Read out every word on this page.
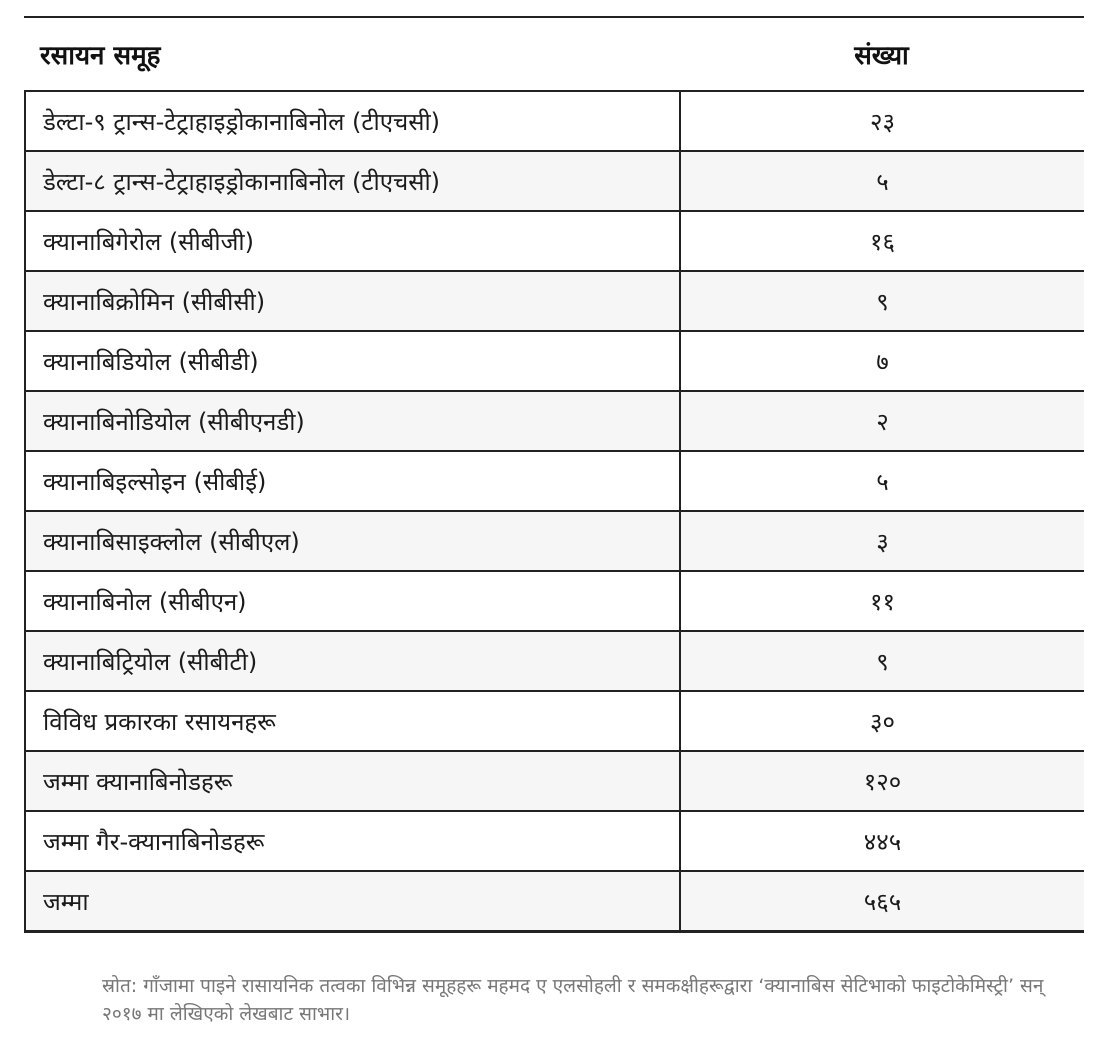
रसायन समूह	संख्या
डेल्टा-९ ट्रान्स-टेट्राहाइड्रोकानाबिनोल (टीएचसी)	२३
डेल्टा-८ ट्रान्स-टेट्राहाइड्रोकानाबिनोल (टीएचसी)	५
क्यानाबिगेरोल (सीबीजी)	१६
क्यानाबिक्रोमिन (सीबीसी)	९
क्यानाबिडियोल (सीबीडी)	७
क्यानाबिनोडियोल (सीबीएनडी)	२
क्यानाबिइल्सोइन (सीबीई)	५
क्यानाबिसाइक्लोल (सीबीएल)	३
क्यानाबिनोल (सीबीएन)	११
क्यानाबिट्रियोल (सीबीटी)	९
विविध प्रकारका रसायनहरू	३०
जम्मा क्यानाबिनोडहरू	१२०
जम्मा गैर-क्यानाबिनोडहरू	४४५
जम्मा	५६५
स्रोत: गाँजामा पाइने रासायनिक तत्वका विभिन्न समूहहरू महमद ए एलसोहली र समकक्षीहरूद्वारा ‘क्यानाबिस सेटिभाको फाइटोकेमिस्ट्री’ सन् २०१७ मा लेखिएको लेखबाट साभार।
